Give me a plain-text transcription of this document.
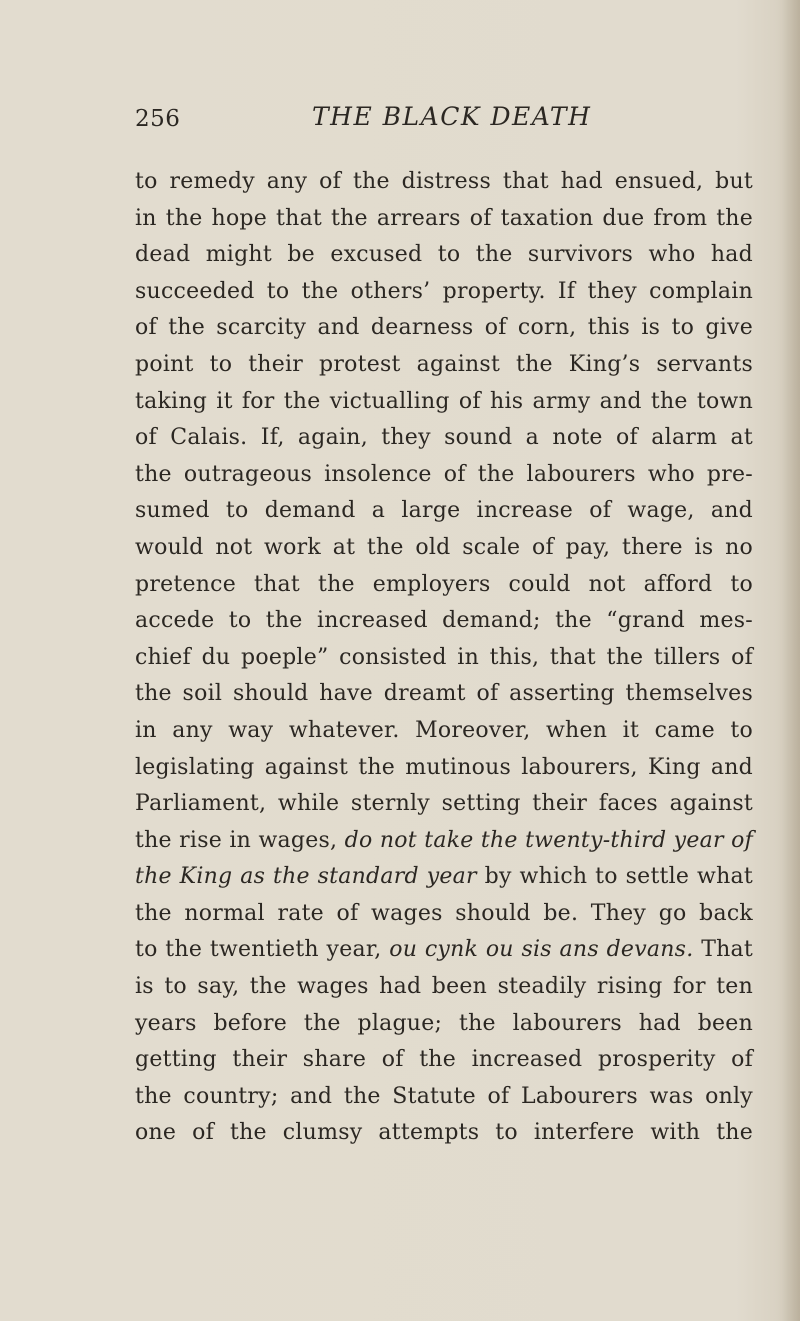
256	THE BLACK DEATH
to remedy any of the distress that had ensued, but
in the hope that the arrears of taxation due from the
dead might be excused to the survivors who had
succeeded to the others’ property. If they complain
of the scarcity and dearness of corn, this is to give
point to their protest against the King’s servants
taking it for the victualling of his army and the town
of Calais. If, again, they sound a note of alarm at
the outrageous insolence of the labourers who pre-
sumed to demand a large increase of wage, and
would not work at the old scale of pay, there is no
pretence that the employers could not afford to
accede to the increased demand; the “grand mes-
chief du poeple” consisted in this, that the tillers of
the soil should have dreamt of asserting themselves
in any way whatever. Moreover, when it came to
legislating against the mutinous labourers, King and
Parliament, while sternly setting their faces against
the rise in wages, do not take the twenty-third year of
the King as the standard year by which to settle what
the normal rate of wages should be. They go back
to the twentieth year, ou cynk ou sis ans devans. That
is to say, the wages had been steadily rising for ten
years before the plague; the labourers had been
getting their share of the increased prosperity of
the country; and the Statute of Labourers was only
one of the clumsy attempts to interfere with the
